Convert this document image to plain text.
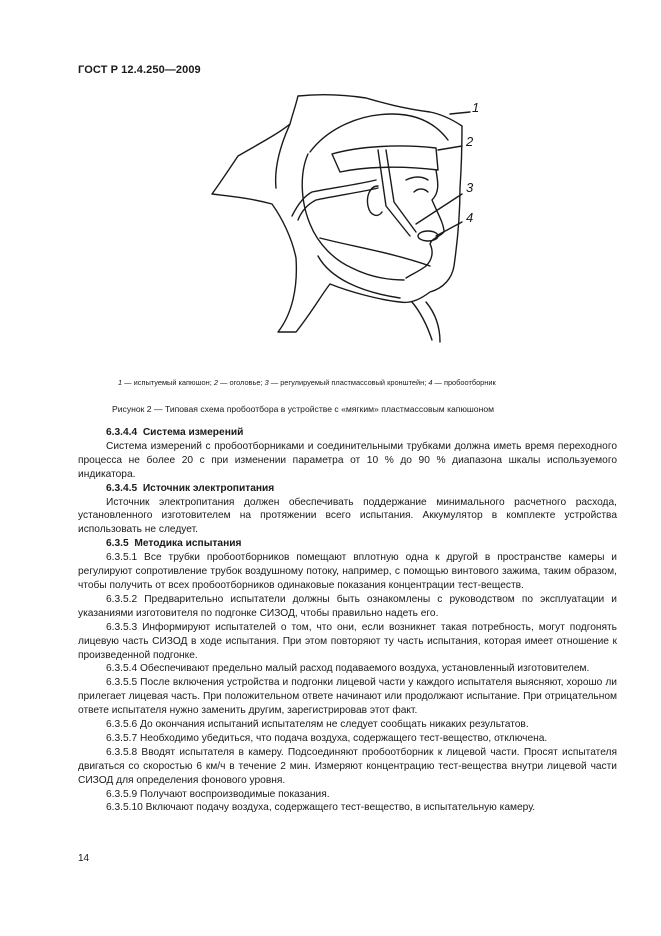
ГОСТ Р 12.4.250—2009
1
2
3
4
1 — испытуемый капюшон; 2 — оголовье; 3 — регулируемый пластмассовый кронштейн; 4 — пробоотборник
Рисунок 2 — Типовая схема пробоотбора в устройстве с «мягким» пластмассовым капюшоном

6.3.4.4 Система измерений

Система измерений с пробоотборниками и соединительными трубками должна иметь время переходного процесса не более 20 с при изменении параметра от 10 % до 90 % диапазона шкалы используемого индикатора.

6.3.4.5 Источник электропитания

Источник электропитания должен обеспечивать поддержание минимального расчетного расхода, установленного изготовителем на протяжении всего испытания. Аккумулятор в комплекте устройства использовать не следует.

6.3.5 Методика испытания

6.3.5.1 Все трубки пробоотборников помещают вплотную одна к другой в пространстве камеры и регулируют сопротивление трубок воздушному потоку, например, с помощью винтового зажима, таким образом, чтобы получить от всех пробоотборников одинаковые показания концентрации тест-веществ.

6.3.5.2 Предварительно испытатели должны быть ознакомлены с руководством по эксплуатации и указаниями изготовителя по подгонке СИЗОД, чтобы правильно надеть его.

6.3.5.3 Информируют испытателей о том, что они, если возникнет такая потребность, могут подгонять лицевую часть СИЗОД в ходе испытания. При этом повторяют ту часть испытания, которая имеет отношение к произведенной подгонке.

6.3.5.4 Обеспечивают предельно малый расход подаваемого воздуха, установленный изготовителем.

6.3.5.5 После включения устройства и подгонки лицевой части у каждого испытателя выясняют, хорошо ли прилегает лицевая часть. При положительном ответе начинают или продолжают испытание. При отрицательном ответе испытателя нужно заменить другим, зарегистрировав этот факт.

6.3.5.6 До окончания испытаний испытателям не следует сообщать никаких результатов.

6.3.5.7 Необходимо убедиться, что подача воздуха, содержащего тест-вещество, отключена.

6.3.5.8 Вводят испытателя в камеру. Подсоединяют пробоотборник к лицевой части. Просят испытателя двигаться со скоростью 6 км/ч в течение 2 мин. Измеряют концентрацию тест-вещества внутри лицевой части СИЗОД для определения фонового уровня.

6.3.5.9 Получают воспроизводимые показания.

6.3.5.10 Включают подачу воздуха, содержащего тест-вещество, в испытательную камеру.

14
